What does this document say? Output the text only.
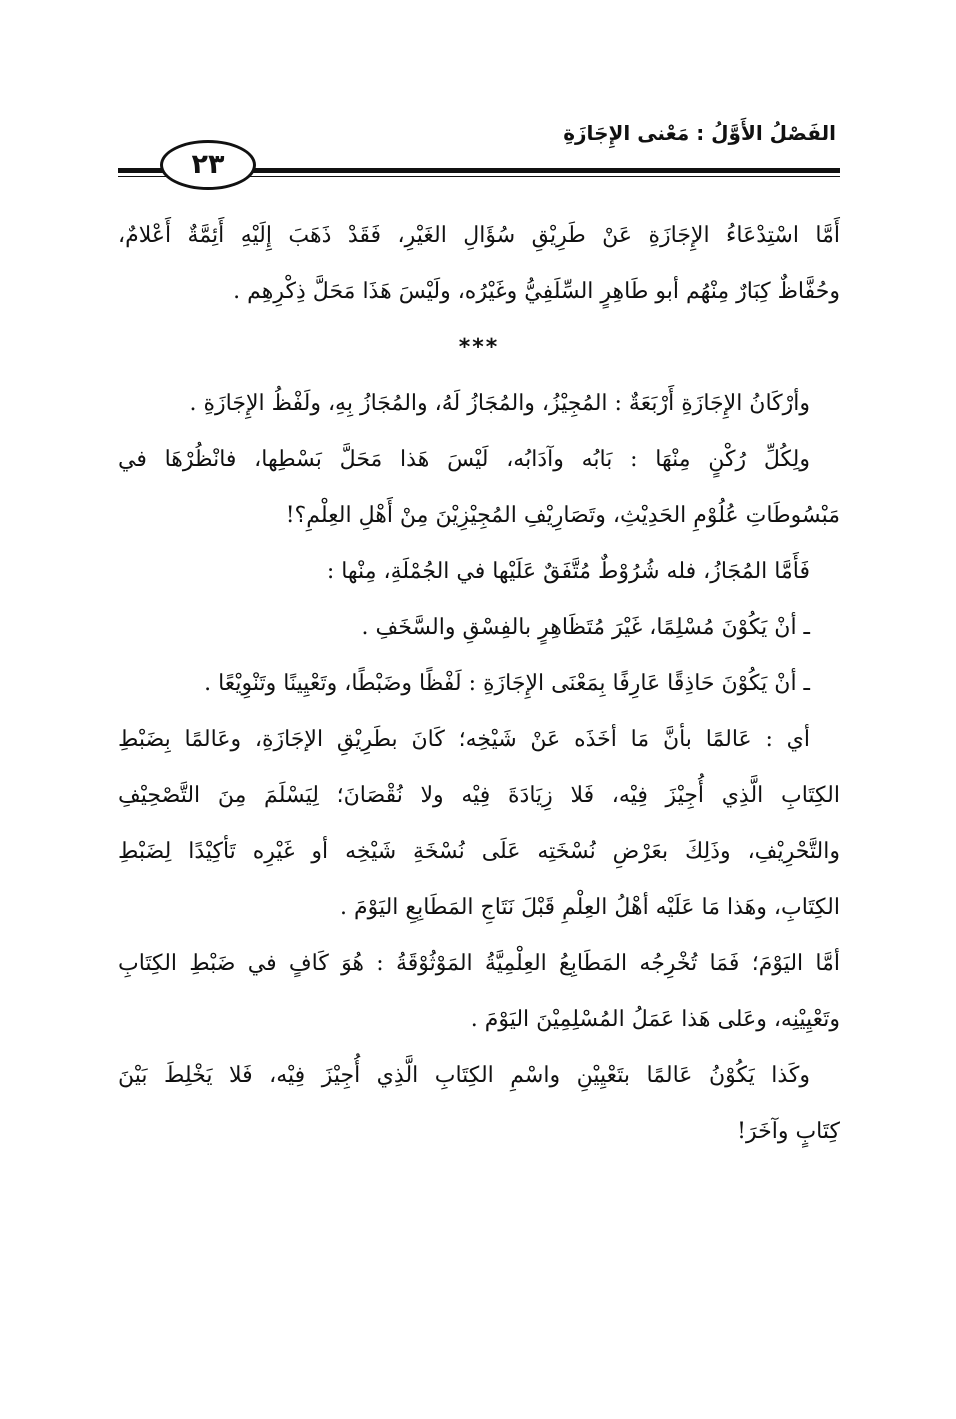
الفَصْلُ الأَوَّلُ : مَعْنى الإِجَازَةِ
٢٣
أَمَّا اسْتِدْعَاءُ الإِجَازَةِ عَنْ طَرِيْقِ سُؤَالِ الغَيْرِ، فَقَدْ ذَهَبَ إِلَيْهِ أَئِمَّةٌ أَعْلامٌ،
وحُفَّاظٌ كِبَارٌ مِنْهُم أبو طَاهِرٍ السِّلَفِيُّ وغَيْرُه، ولَيْسَ هَذَا مَحَلَّ ذِكْرِهِم .
***
وأرْكَانُ الإِجَازَةِ أَرْبَعَةٌ : المُجِيْزُ، والمُجَازُ لَهُ، والمُجَازُ بِهِ، ولَفْظُ الإِجَازَةِ .
ولِكُلِّ رُكْنٍ مِنْهَا : بَابُه وآدَابُه، لَيْسَ هَذا مَحَلَّ بَسْطِها، فانْظُرْهَا في
مَبْسُوطَاتِ عُلُوْمِ الحَدِيْثِ، وتَصَارِيْفِ المُجِيْزِيْنَ مِنْ أَهْلِ العِلْمِ؟!
فَأَمَّا المُجَازُ، فله شُرُوْطٌ مُتَّفَقٌ عَلَيْها في الجُمْلَةِ، مِنْها :
ـ أنْ يَكُوْنَ مُسْلِمًا، غَيْرَ مُتَظَاهِرٍ بالفِسْقِ والسَّخَفِ .
ـ أنْ يَكُوْنَ حَاذِقًا عَارِفًا بِمَعْنَى الإِجَازَةِ : لَفْظًا وضَبْطًا، وتَعْيِينًا وتَنْوِيْعًا .
أي : عَالمًا بأنَّ مَا أخَذَه عَنْ شَيْخِه؛ كَانَ بطَرِيْقِ الإجَازَةِ، وعَالمًا بِضَبْطِ
الكِتَابِ الَّذِي أُجِيْزَ فِيْه، فَلا زِيَادَةَ فِيْه ولا نُقْصَانَ؛ لِيَسْلَمَ مِنَ التَّصْحِيْفِ
والتَّحْرِيْفِ، وذَلِكَ بعَرْضِ نُسْخَتِه عَلَى نُسْخَةِ شَيْخِه أو غَيْرِه تَأكِيْدًا لِضَبْطِ
الكِتَابِ، وهَذا مَا عَلَيْه أهْلُ العِلْمِ قَبْلَ نَتَاجِ المَطَابِعِ اليَوْمَ .
أمَّا اليَوْمَ؛ فَمَا تُخْرِجُه المَطَابِعُ العِلْمِيَّةُ المَوْثُوْقَةُ : هُوَ كَافٍ في ضَبْطِ الكِتَابِ
وتَعْيِيْنِه، وعَلى هَذا عَمَلُ المُسْلِمِيْنَ اليَوْمَ .
وكَذا يَكُوْنُ عَالمًا بتَعْيِيْنِ واسْمِ الكِتَابِ الَّذِي أُجِيْزَ فِيْه، فَلا يَخْلِطَ بَيْنَ
كِتَابٍ وآخَرَ!
